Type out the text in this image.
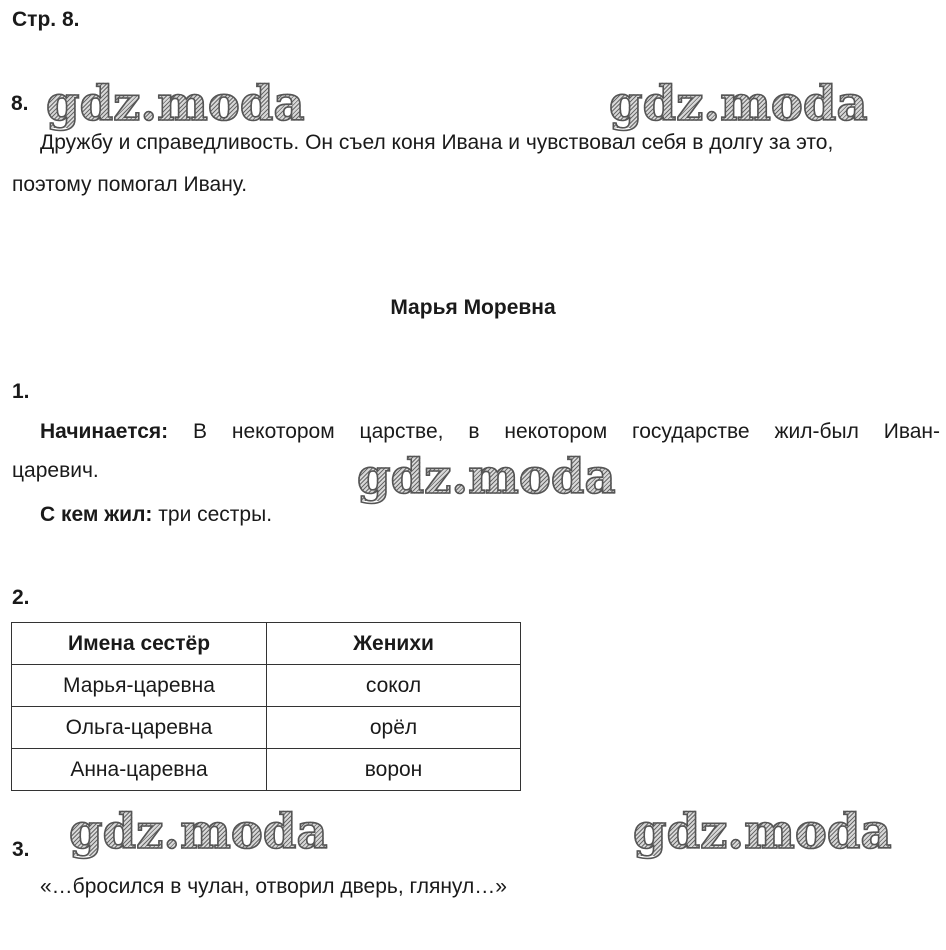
Стр. 8.
gdz.moda	gdz.moda
gdz.moda
gdz.moda	gdz.moda
8.
Дружбу и справедливость. Он съел коня Ивана и чувствовал себя в долгу за это,
поэтому помогал Ивану.
Марья Моревна
1.
Начинается: В некотором царстве, в некотором государстве жил-был Иван-
царевич.
С кем жил: три сестры.
2.
Имена сестёр	Женихи
Марья-царевна	сокол
Ольга-царевна	орёл
Анна-царевна	ворон
3.
«…бросился в чулан, отворил дверь, глянул…»
